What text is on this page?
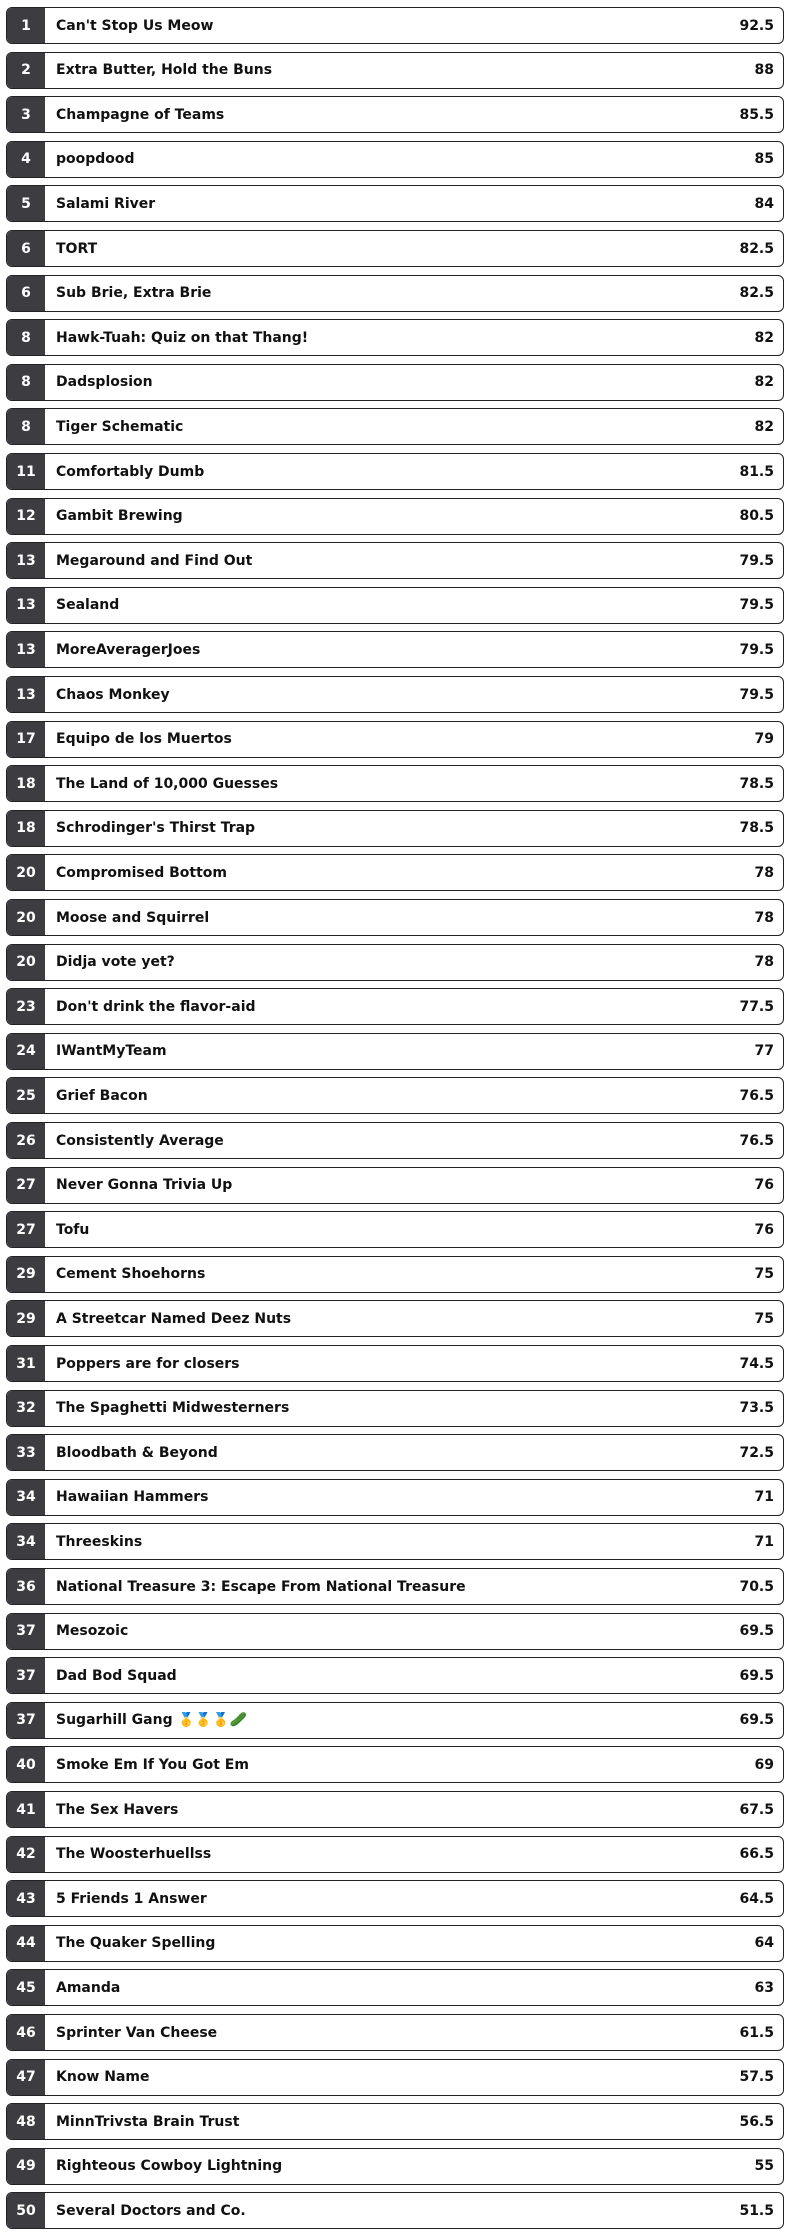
1	Can't Stop Us Meow	92.5
2	Extra Butter, Hold the Buns	88
3	Champagne of Teams	85.5
4	poopdood	85
5	Salami River	84
6	TORT	82.5
6	Sub Brie, Extra Brie	82.5
8	Hawk-Tuah: Quiz on that Thang!	82
8	Dadsplosion	82
8	Tiger Schematic	82
11	Comfortably Dumb	81.5
12	Gambit Brewing	80.5
13	Megaround and Find Out	79.5
13	Sealand	79.5
13	MoreAveragerJoes	79.5
13	Chaos Monkey	79.5
17	Equipo de los Muertos	79
18	The Land of 10,000 Guesses	78.5
18	Schrodinger's Thirst Trap	78.5
20	Compromised Bottom	78
20	Moose and Squirrel	78
20	Didja vote yet?	78
23	Don't drink the flavor-aid	77.5
24	IWantMyTeam	77
25	Grief Bacon	76.5
26	Consistently Average	76.5
27	Never Gonna Trivia Up	76
27	Tofu	76
29	Cement Shoehorns	75
29	A Streetcar Named Deez Nuts	75
31	Poppers are for closers	74.5
32	The Spaghetti Midwesterners	73.5
33	Bloodbath & Beyond	72.5
34	Hawaiian Hammers	71
34	Threeskins	71
36	National Treasure 3: Escape From National Treasure	70.5
37	Mesozoic	69.5
37	Dad Bod Squad	69.5
37	Sugarhill Gang 🥇🥇🥇🥒	69.5
40	Smoke Em If You Got Em	69
41	The Sex Havers	67.5
42	The Woosterhuellss	66.5
43	5 Friends 1 Answer	64.5
44	The Quaker Spelling	64
45	Amanda	63
46	Sprinter Van Cheese	61.5
47	Know Name	57.5
48	MinnTrivsta Brain Trust	56.5
49	Righteous Cowboy Lightning	55
50	Several Doctors and Co.	51.5
